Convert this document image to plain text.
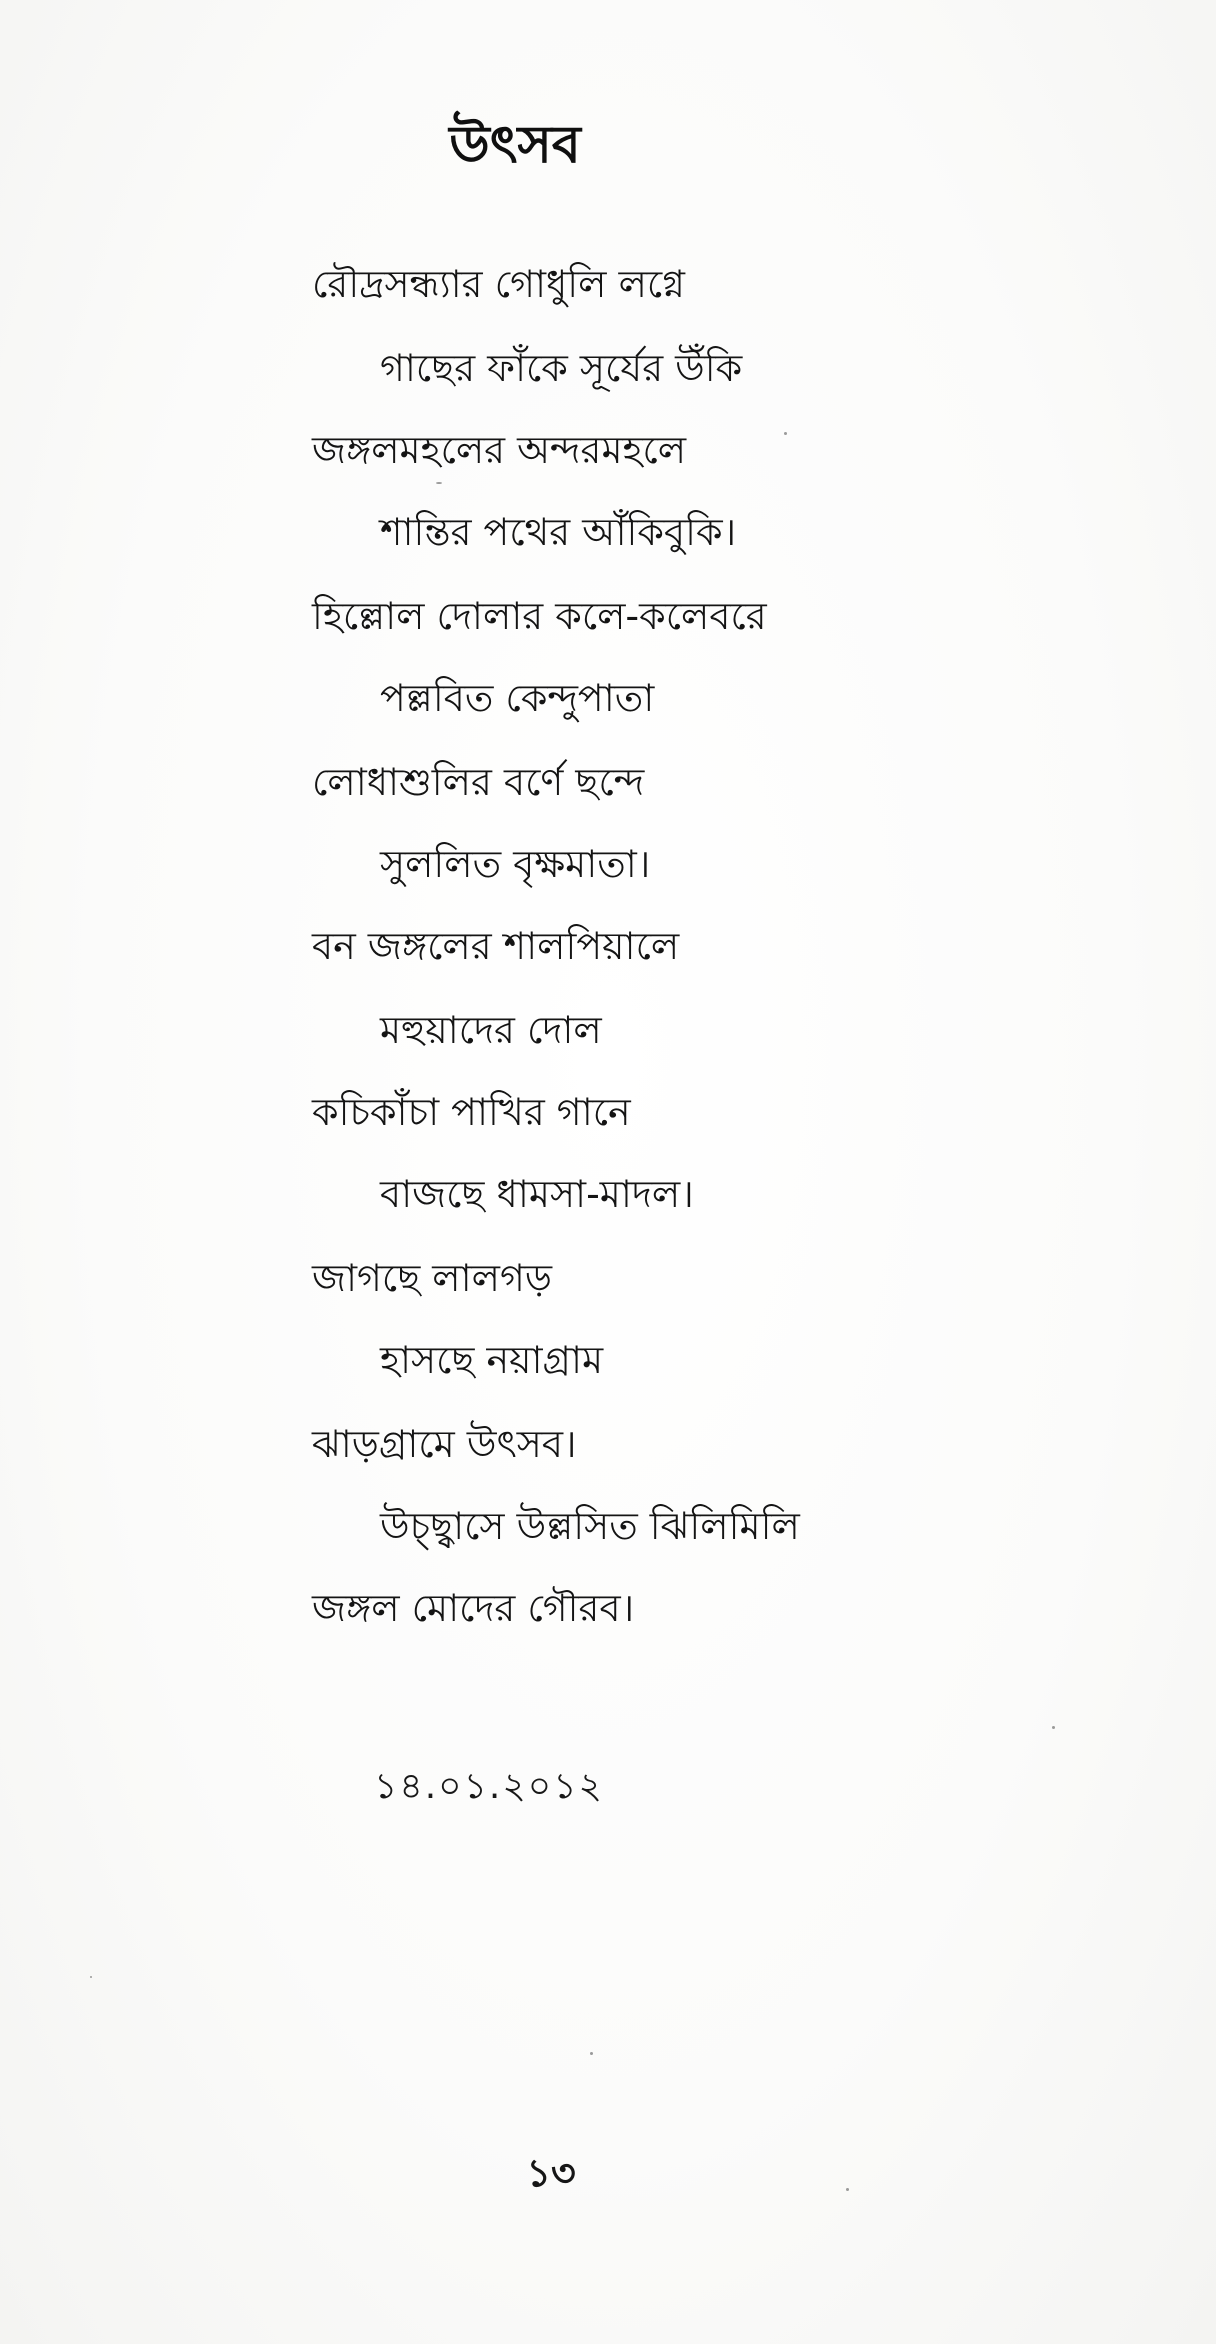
উৎসব
রৌদ্রসন্ধ্যার গোধুলি লগ্নে
গাছের ফাঁকে সূর্যের উঁকি
জঙ্গলমহলের অন্দরমহলে
শান্তির পথের আঁকিবুকি।
হিল্লোল দোলার কলে-কলেবরে
পল্লবিত কেন্দুপাতা
লোধাশুলির বর্ণে ছন্দে
সুললিত বৃক্ষমাতা।
বন জঙ্গলের শালপিয়ালে
মহুয়াদের দোল
কচিকাঁচা পাখির গানে
বাজছে ধামসা-মাদল।
জাগছে লালগড়
হাসছে নয়াগ্রাম
ঝাড়গ্রামে উৎসব।
উচ্ছ্বাসে উল্লসিত ঝিলিমিলি
জঙ্গল মোদের গৌরব।
১৪.০১.২০১২
১৩
